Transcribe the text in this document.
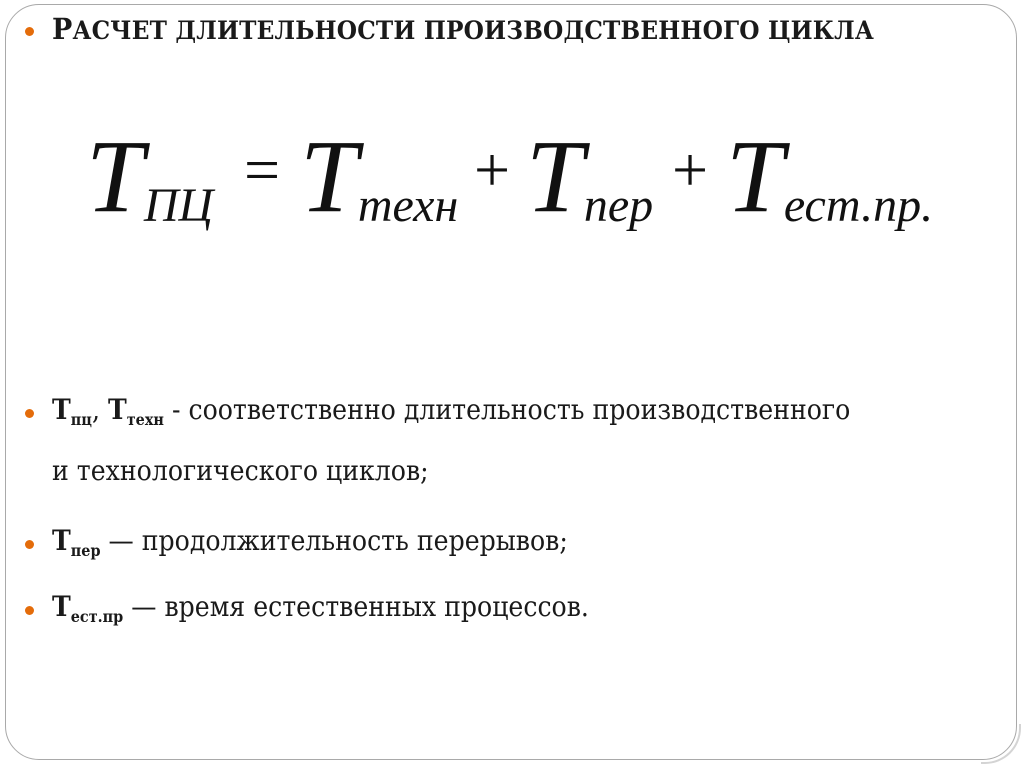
РАСЧЕТ ДЛИТЕЛЬНОСТИ ПРОИЗВОДСТВЕННОГО ЦИКЛА
TПЦ
= Tтехн
+ Tпер
+ Tест.пр.
$Т_{пц}$, $Т_{техн}$ - соответственно длительность производственного
и технологического циклов;
$Т_{пер}$ — продолжительность перерывов;
$Т_{ест.пр}$ — время естественных процессов.
